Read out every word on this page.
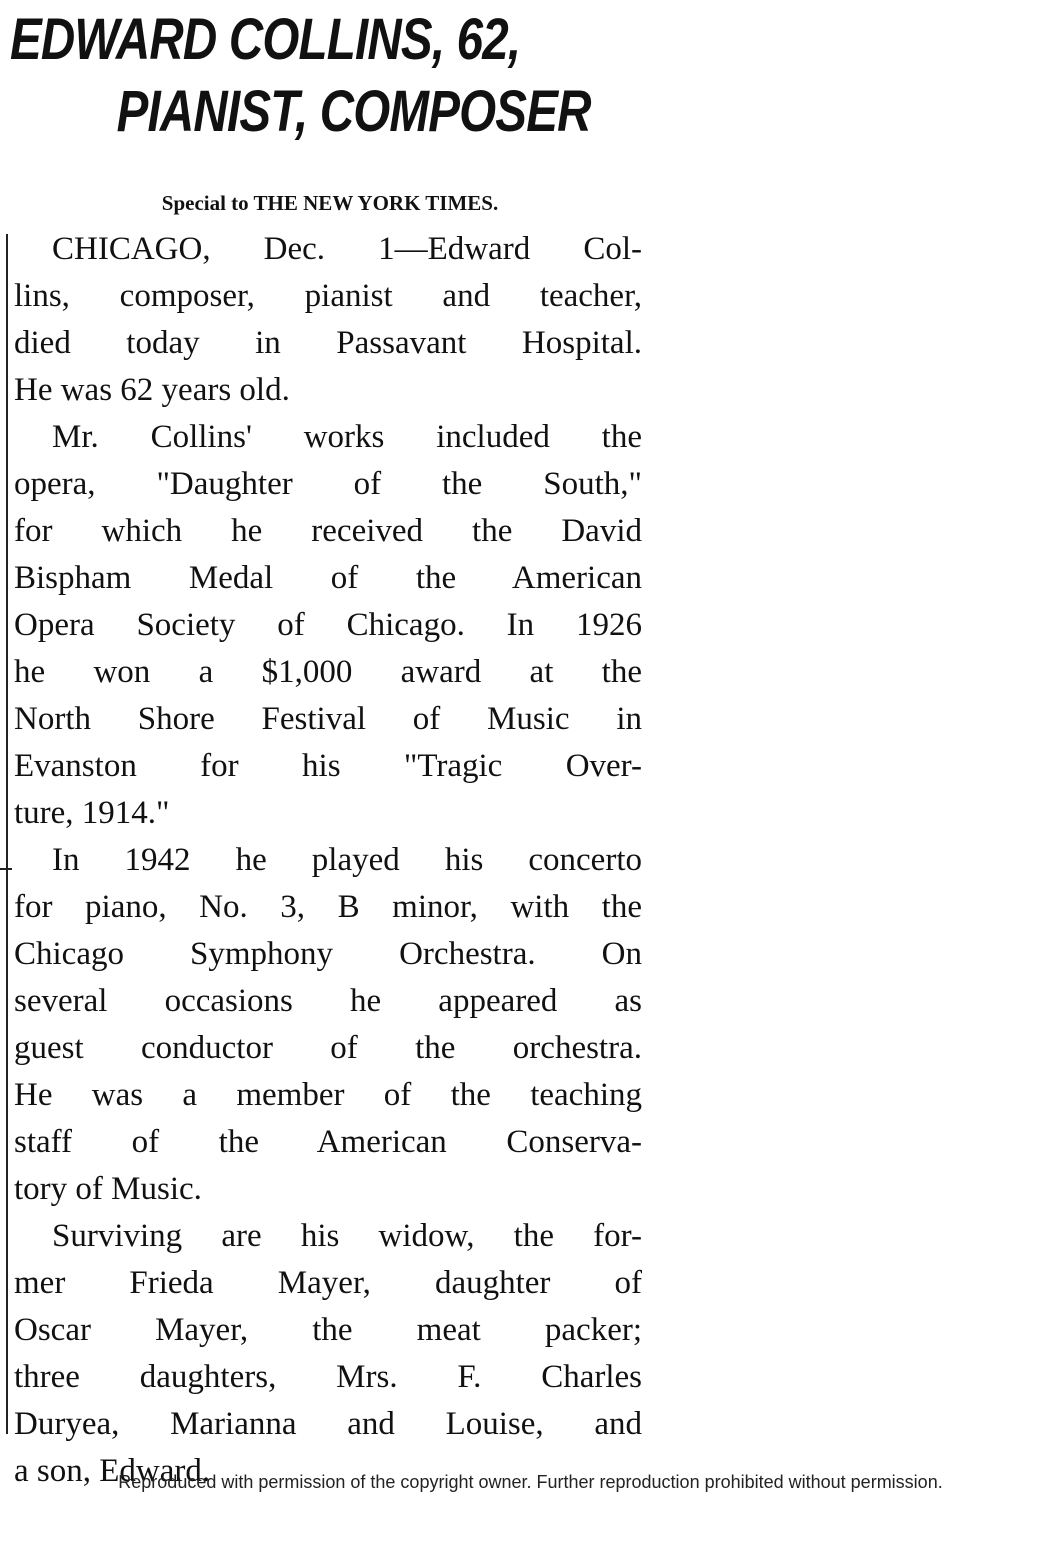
EDWARD COLLINS, 62,
PIANIST, COMPOSER
Special to THE NEW YORK TIMES.
CHICAGO, Dec. 1—Edward Col-
lins, composer, pianist and teacher,
died today in Passavant Hospital.
He was 62 years old.
Mr. Collins' works included the
opera, "Daughter of the South,"
for which he received the David
Bispham Medal of the American
Opera Society of Chicago. In 1926
he won a $1,000 award at the
North Shore Festival of Music in
Evanston for his "Tragic Over-
ture, 1914."
In 1942 he played his concerto
for piano, No. 3, B minor, with the
Chicago Symphony Orchestra. On
several occasions he appeared as
guest conductor of the orchestra.
He was a member of the teaching
staff of the American Conserva-
tory of Music.
Surviving are his widow, the for-
mer Frieda Mayer, daughter of
Oscar Mayer, the meat packer;
three daughters, Mrs. F. Charles
Duryea, Marianna and Louise, and
a son, Edward.
Reproduced with permission of the copyright owner. Further reproduction prohibited without permission.
